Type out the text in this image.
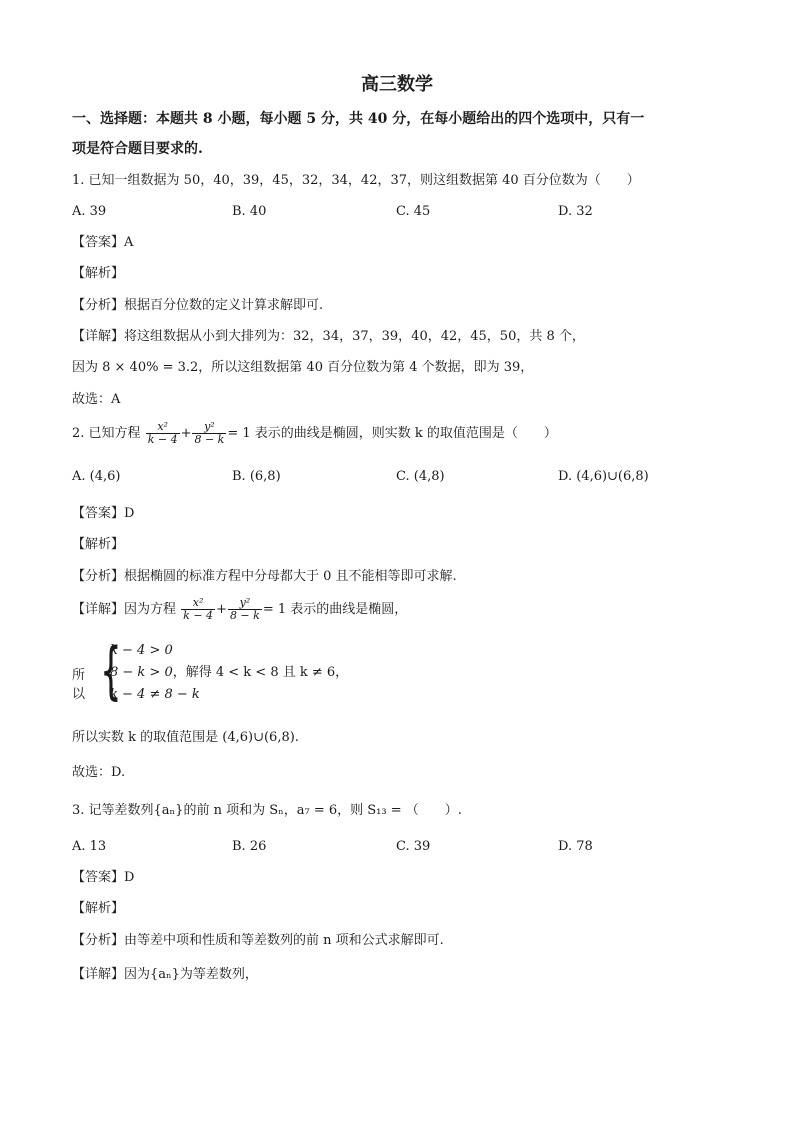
高三数学
一、选择题：本题共 8 小题，每小题 5 分，共 40 分，在每小题给出的四个选项中，只有一
项是符合题目要求的.
1. 已知一组数据为 50，40，39，45，32，34，42，37，则这组数据第 40 百分位数为（　　）
A. 39	B. 40	C. 45	D. 32
【答案】A
【解析】
【分析】根据百分位数的定义计算求解即可.
【详解】将这组数据从小到大排列为：32，34，37，39，40，42，45，50，共 8 个，
因为 8 × 40% = 3.2，所以这组数据第 40 百分位数为第 4 个数据，即为 39，
故选：A
2. 已知方程 $\frac{\text{x²}}{k - 4} + \frac{\text{y²}}{8 - k} = 1$ 表示的曲线是椭圆，则实数 k 的取值范围是（　　）
A. (4,6)	B. (6,8)	C. (4,8)	D. (4,6)∪(6,8)
【答案】D
【解析】
【分析】根据椭圆的标准方程中分母都大于 0 且不能相等即可求解.
【详解】因为方程 $\frac{\text{x²}}{k - 4} + \frac{\text{y²}}{8 - k} = 1$ 表示的曲线是椭圆，
所以 {
k − 4 > 0
8 − k > 0，解得 4 < k < 8 且 k ≠ 6，
k − 4 ≠ 8 − k
所以实数 k 的取值范围是 (4,6)∪(6,8).
故选：D.
3. 记等差数列{aₙ}的前 n 项和为 Sₙ，a₇ = 6，则 S₁₃ = （　　）.
A. 13	B. 26	C. 39	D. 78
【答案】D
【解析】
【分析】由等差中项和性质和等差数列的前 n 项和公式求解即可.
【详解】因为{aₙ}为等差数列，
